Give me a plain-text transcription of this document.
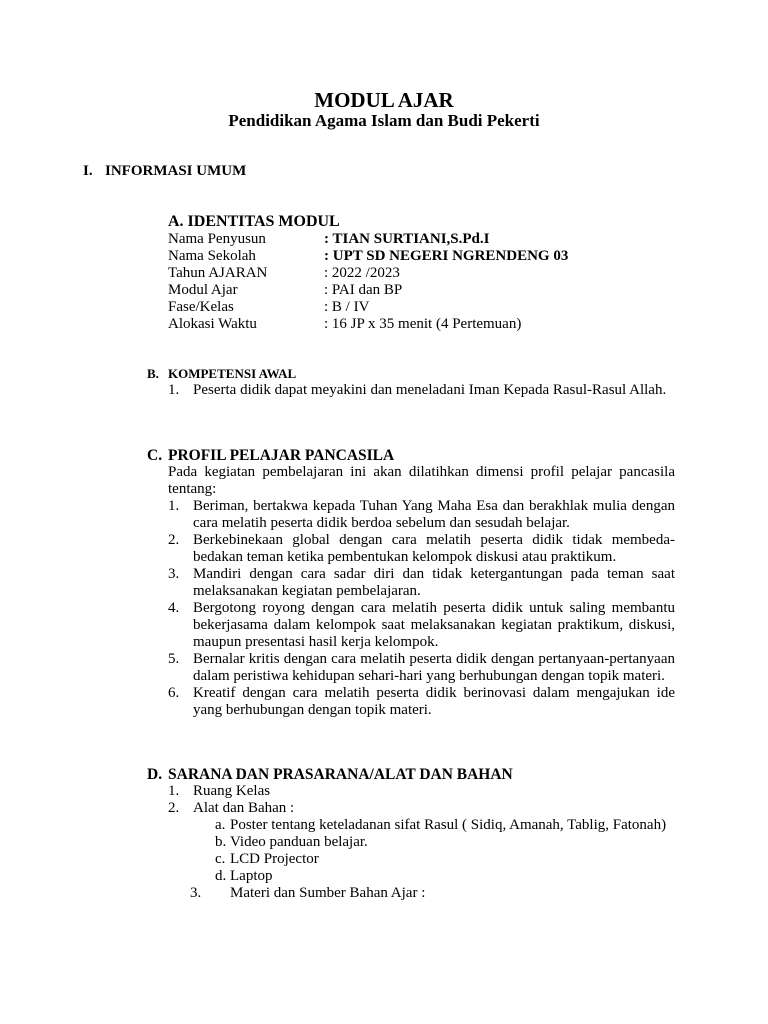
MODUL AJAR
Pendidikan Agama Islam dan Budi Pekerti
I. INFORMASI UMUM
A. IDENTITAS MODUL
Nama Penyusun	: TIAN SURTIANI,S.Pd.I
Nama Sekolah	: UPT SD NEGERI NGRENDENG 03
Tahun AJARAN	: 2022 /2023
Modul Ajar	: PAI dan BP
Fase/Kelas	: B / IV
Alokasi Waktu	: 16 JP x 35 menit (4 Pertemuan)
B. KOMPETENSI AWAL
1. Peserta didik dapat meyakini dan meneladani Iman Kepada Rasul-Rasul Allah.
C. PROFIL PELAJAR PANCASILA
Pada kegiatan pembelajaran ini akan dilatihkan dimensi profil pelajar pancasila tentang:
1. Beriman, bertakwa kepada Tuhan Yang Maha Esa dan berakhlak mulia dengan cara melatih peserta didik berdoa sebelum dan sesudah belajar.
2. Berkebinekaan global dengan cara melatih peserta didik tidak membeda-bedakan teman ketika pembentukan kelompok diskusi atau praktikum.
3. Mandiri dengan cara sadar diri dan tidak ketergantungan pada teman saat melaksanakan kegiatan pembelajaran.
4. Bergotong royong dengan cara melatih peserta didik untuk saling membantu bekerjasama dalam kelompok saat melaksanakan kegiatan praktikum, diskusi, maupun presentasi hasil kerja kelompok.
5. Bernalar kritis dengan cara melatih peserta didik dengan pertanyaan-pertanyaan dalam peristiwa kehidupan sehari-hari yang berhubungan dengan topik materi.
6. Kreatif dengan cara melatih peserta didik berinovasi dalam mengajukan ide yang berhubungan dengan topik materi.
D. SARANA DAN PRASARANA/ALAT DAN BAHAN
1. Ruang Kelas
2. Alat dan Bahan :
a. Poster tentang keteladanan sifat Rasul ( Sidiq, Amanah, Tablig, Fatonah)
b. Video panduan belajar.
c. LCD Projector
d. Laptop
3.	Materi dan Sumber Bahan Ajar :
